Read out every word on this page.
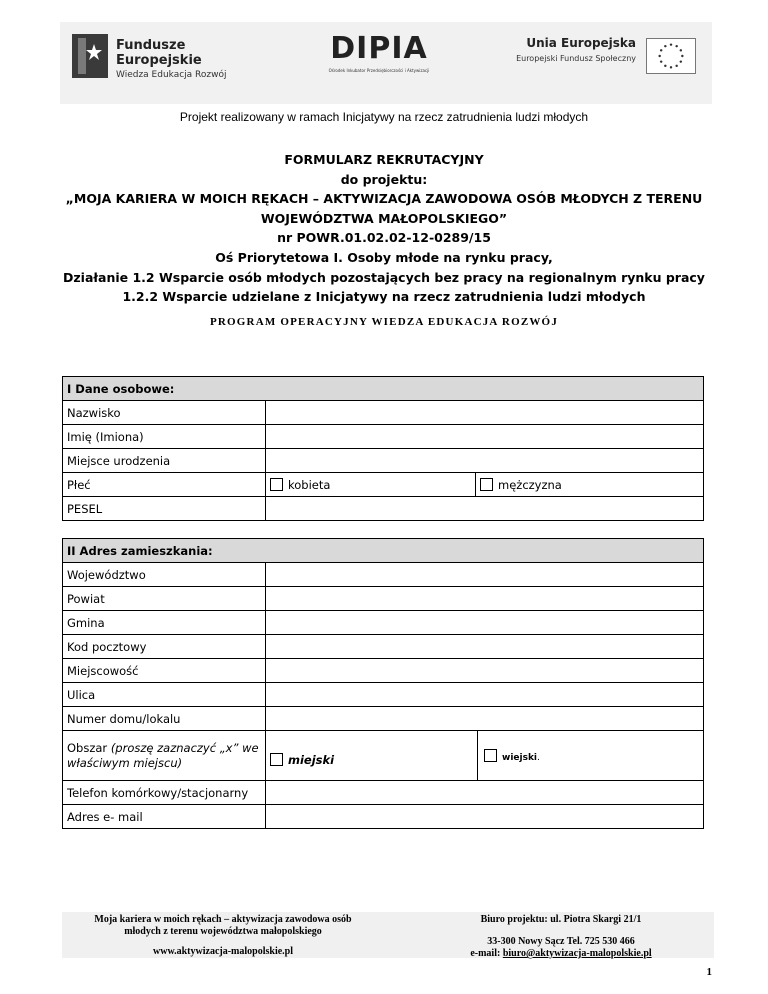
Fundusze
Europejskie
Wiedza Edukacja Rozwój
DIPIA
Ośrodek Inkubator Przedsiębiorczości i Aktywizacji
Unia Europejska
Europejski Fundusz Społeczny
Projekt realizowany w ramach Inicjatywy na rzecz zatrudnienia ludzi młodych
FORMULARZ REKRUTACYJNY
do projektu:
„MOJA KARIERA W MOICH RĘKACH – AKTYWIZACJA ZAWODOWA OSÓB MŁODYCH Z TERENU
WOJEWÓDZTWA MAŁOPOLSKIEGO”
nr POWR.01.02.02-12-0289/15
Oś Priorytetowa I. Osoby młode na rynku pracy,
Działanie 1.2 Wsparcie osób młodych pozostających bez pracy na regionalnym rynku pracy
1.2.2 Wsparcie udzielane z Inicjatywy na rzecz zatrudnienia ludzi młodych
PROGRAM OPERACYJNY WIEDZA EDUKACJA ROZWÓJ
I Dane osobowe:		
Nazwisko		
Imię (Imiona)		
Miejsce urodzenia		
Płeć	kobieta	mężczyzna
PESEL		
II Adres zamieszkania:		
Województwo		
Powiat		
Gmina		
Kod pocztowy		
Miejscowość		
Ulica		
Numer domu/lokalu		
Obszar (proszę zaznaczyć „x” we właściwym miejscu)	miejski	wiejski.
Telefon komórkowy/stacjonarny		
Adres e- mail		
Moja kariera w moich rękach – aktywizacja zawodowa osób
młodych z terenu województwa małopolskiego
www.aktywizacja-malopolskie.pl
Biuro projektu: ul. Piotra Skargi 21/1
33-300 Nowy Sącz Tel. 725 530 466
e-mail: biuro@aktywizacja-malopolskie.pl
1
